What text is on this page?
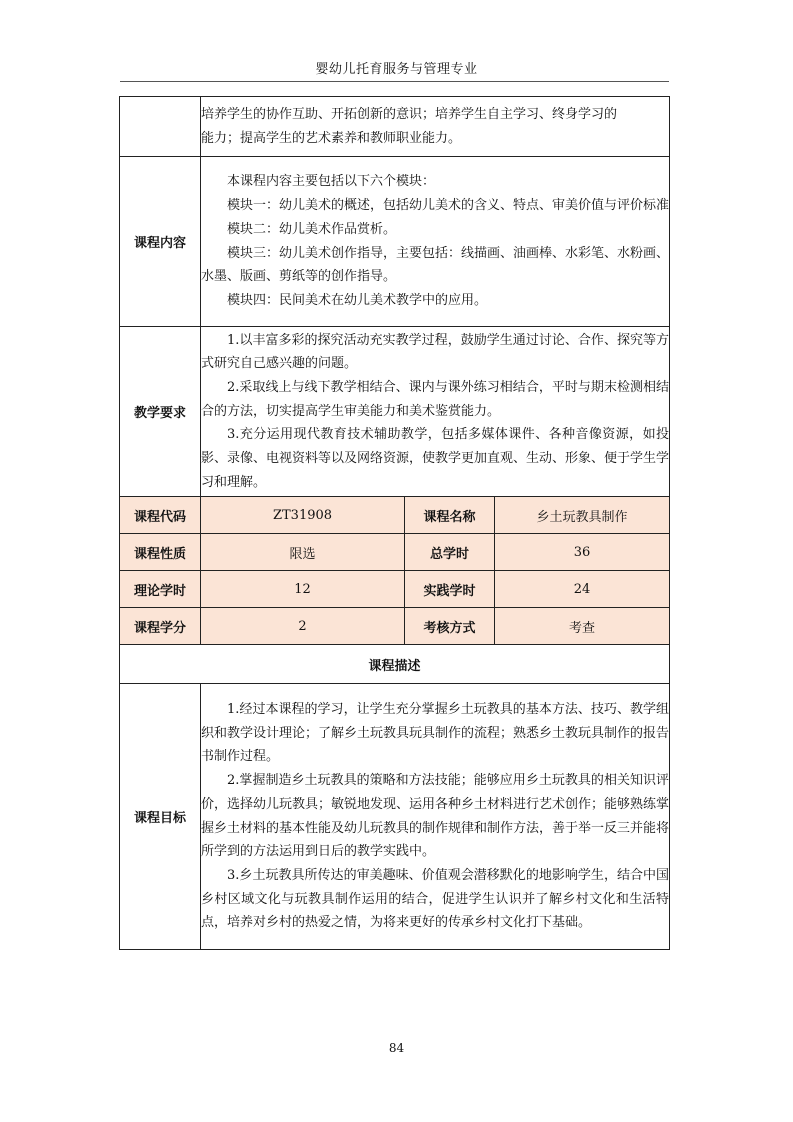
婴幼儿托育服务与管理专业

	培养学生的协作互助、开拓创新的意识；培养学生自主学习、终身学习的

能力；提高学生的艺术素养和教师职业能力。		

课程内容	本课程内容主要包括以下六个模块：

模块一：幼儿美术的概述，包括幼儿美术的含义、特点、审美价值与评价标准

模块二：幼儿美术作品赏析。

模块三：幼儿美术创作指导，主要包括：线描画、油画棒、水彩笔、水粉画、水墨、版画、剪纸等的创作指导。

模块四：民间美术在幼儿美术教学中的应用。		

教学要求	1.以丰富多彩的探究活动充实教学过程，鼓励学生通过讨论、合作、探究等方式研究自己感兴趣的问题。

2.采取线上与线下教学相结合、课内与课外练习相结合，平时与期末检测相结合的方法，切实提高学生审美能力和美术鉴赏能力。

3.充分运用现代教育技术辅助教学，包括多媒体课件、各种音像资源，如投影、录像、电视资料等以及网络资源，使教学更加直观、生动、形象、便于学生学习和理解。		

课程代码	ZT31908	课程名称	乡土玩教具制作
课程性质	限选	总学时	36
理论学时	12	实践学时	24
课程学分	2	考核方式	考查
课程描述			
课程目标	1.经过本课程的学习，让学生充分掌握乡土玩教具的基本方法、技巧、教学组织和教学设计理论；了解乡土玩教具玩具制作的流程；熟悉乡土教玩具制作的报告书制作过程。

2.掌握制造乡土玩教具的策略和方法技能；能够应用乡土玩教具的相关知识评价，选择幼儿玩教具；敏锐地发现、运用各种乡土材料进行艺术创作；能够熟练掌握乡土材料的基本性能及幼儿玩教具的制作规律和制作方法，善于举一反三并能将所学到的方法运用到日后的教学实践中。

3.乡土玩教具所传达的审美趣味、价值观会潜移默化的地影响学生，结合中国乡村区域文化与玩教具制作运用的结合，促进学生认识并了解乡村文化和生活特点，培养对乡村的热爱之情，为将来更好的传承乡村文化打下基础。		

84
